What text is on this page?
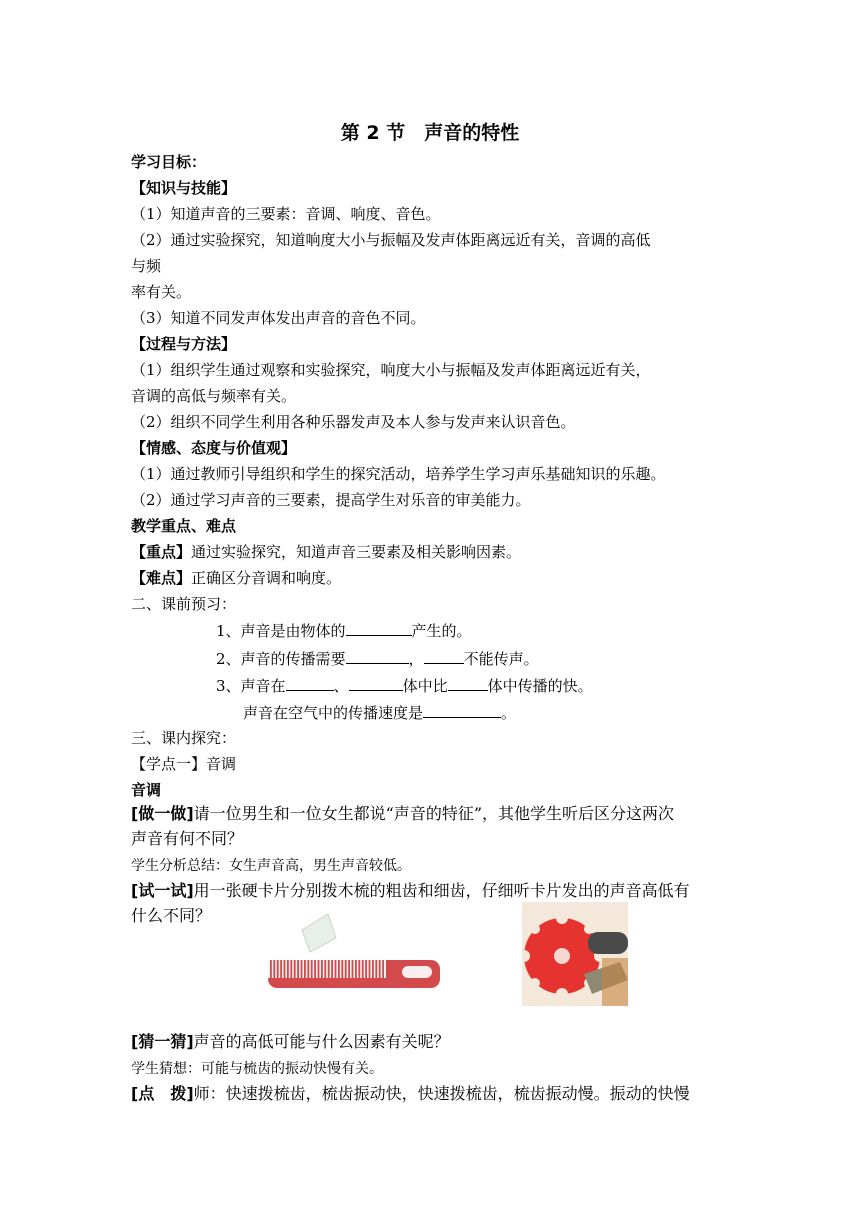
第 2 节　声音的特性
学习目标：
【知识与技能】
（1）知道声音的三要素：音调、响度、音色。
（2）通过实验探究，知道响度大小与振幅及发声体距离远近有关，音调的高低
与频
率有关。
（3）知道不同发声体发出声音的音色不同。
【过程与方法】
（1）组织学生通过观察和实验探究，响度大小与振幅及发声体距离远近有关，
音调的高低与频率有关。
（2）组织不同学生利用各种乐器发声及本人参与发声来认识音色。
【情感、态度与价值观】
（1）通过教师引导组织和学生的探究活动，培养学生学习声乐基础知识的乐趣。
（2）通过学习声音的三要素，提高学生对乐音的审美能力。
教学重点、难点
【重点】通过实验探究，知道声音三要素及相关影响因素。
【难点】正确区分音调和响度。
二、课前预习：
1、声音是由物体的	产生的。
2、声音的传播需要	，	不能传声。
3、声音在	、	体中比	体中传播的快。
声音在空气中的传播速度是	。
三、课内探究：
【学点一】音调
音调
[做一做]请一位男生和一位女生都说“声音的特征”，其他学生听后区分这两次
声音有何不同？
学生分析总结：女生声音高，男生声音较低。
[试一试]用一张硬卡片分别拨木梳的粗齿和细齿，仔细听卡片发出的声音高低有
什么不同？
[猜一猜]声音的高低可能与什么因素有关呢？
学生猜想：可能与梳齿的振动快慢有关。
[点　拨]师：快速拨梳齿，梳齿振动快，快速拨梳齿，梳齿振动慢。振动的快慢
